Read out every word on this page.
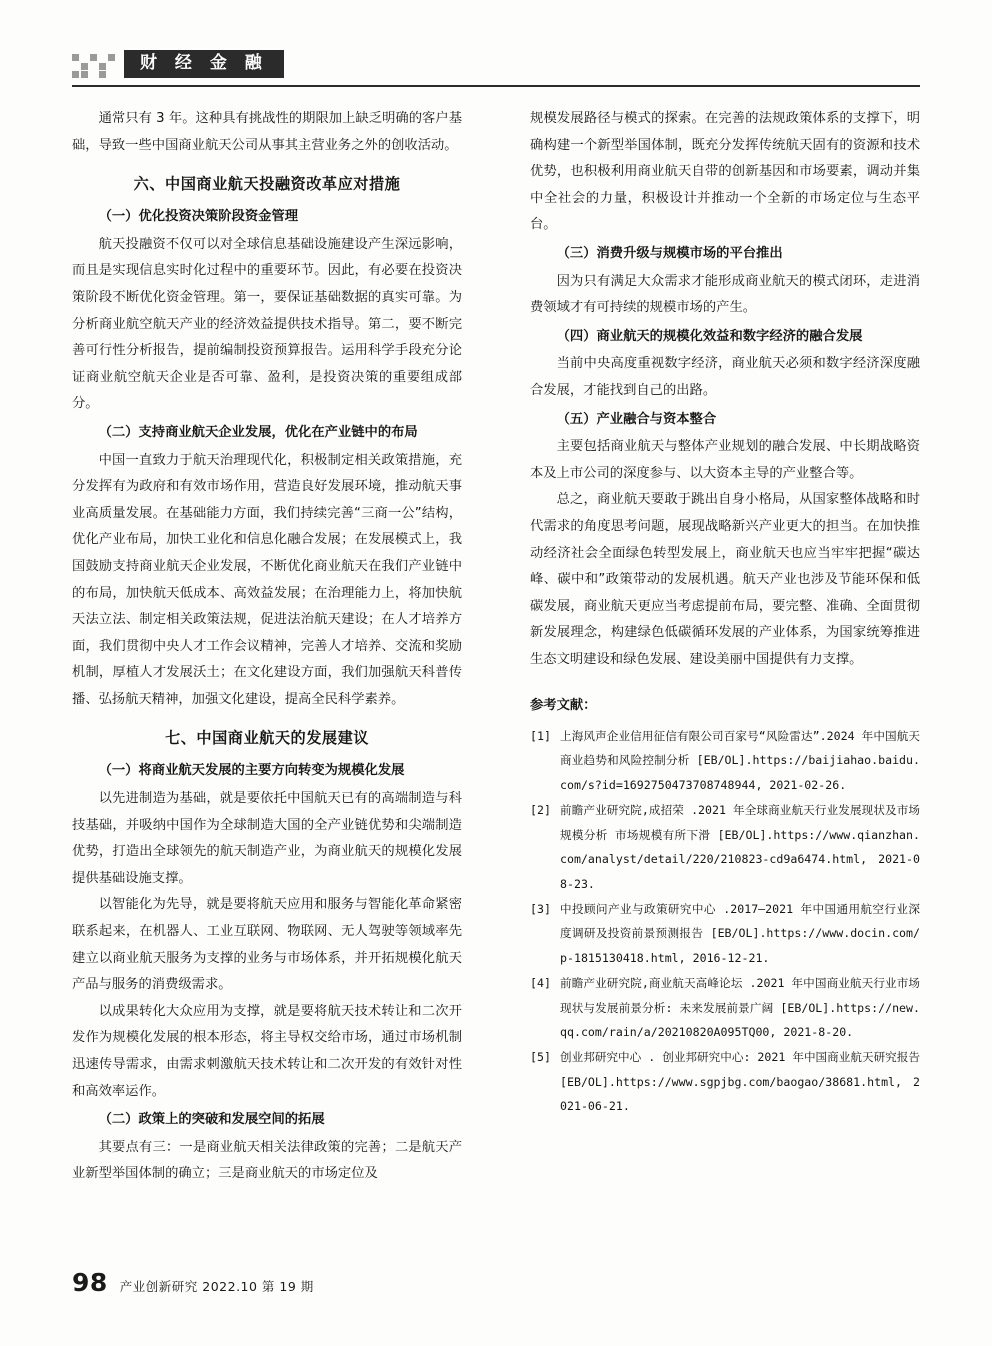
财 经 金 融

通常只有 3 年。这种具有挑战性的期限加上缺乏明确的客户基础，导致一些中国商业航天公司从事其主营业务之外的创收活动。

六、中国商业航天投融资改革应对措施

（一）优化投资决策阶段资金管理

航天投融资不仅可以对全球信息基础设施建设产生深远影响，而且是实现信息实时化过程中的重要环节。因此，有必要在投资决策阶段不断优化资金管理。第一，要保证基础数据的真实可靠。为分析商业航空航天产业的经济效益提供技术指导。第二，要不断完善可行性分析报告，提前编制投资预算报告。运用科学手段充分论证商业航空航天企业是否可靠、盈利，是投资决策的重要组成部分。

（二）支持商业航天企业发展，优化在产业链中的布局

中国一直致力于航天治理现代化，积极制定相关政策措施，充分发挥有为政府和有效市场作用，营造良好发展环境，推动航天事业高质量发展。在基础能力方面，我们持续完善“三商一公”结构，优化产业布局，加快工业化和信息化融合发展；在发展模式上，我国鼓励支持商业航天企业发展，不断优化商业航天在我们产业链中的布局，加快航天低成本、高效益发展；在治理能力上，将加快航天法立法、制定相关政策法规，促进法治航天建设；在人才培养方面，我们贯彻中央人才工作会议精神，完善人才培养、交流和奖励机制，厚植人才发展沃土；在文化建设方面，我们加强航天科普传播、弘扬航天精神，加强文化建设，提高全民科学素养。

七、中国商业航天的发展建议

（一）将商业航天发展的主要方向转变为规模化发展

以先进制造为基础，就是要依托中国航天已有的高端制造与科技基础，并吸纳中国作为全球制造大国的全产业链优势和尖端制造优势，打造出全球领先的航天制造产业，为商业航天的规模化发展提供基础设施支撑。

以智能化为先导，就是要将航天应用和服务与智能化革命紧密联系起来，在机器人、工业互联网、物联网、无人驾驶等领域率先建立以商业航天服务为支撑的业务与市场体系，并开拓规模化航天产品与服务的消费级需求。

以成果转化大众应用为支撑，就是要将航天技术转让和二次开发作为规模化发展的根本形态，将主导权交给市场，通过市场机制迅速传导需求，由需求刺激航天技术转让和二次开发的有效针对性和高效率运作。

（二）政策上的突破和发展空间的拓展

其要点有三：一是商业航天相关法律政策的完善；二是航天产业新型举国体制的确立；三是商业航天的市场定位及

规模发展路径与模式的探索。在完善的法规政策体系的支撑下，明确构建一个新型举国体制，既充分发挥传统航天固有的资源和技术优势，也积极利用商业航天自带的创新基因和市场要素，调动并集中全社会的力量，积极设计并推动一个全新的市场定位与生态平台。

（三）消费升级与规模市场的平台推出

因为只有满足大众需求才能形成商业航天的模式闭环，走进消费领域才有可持续的规模市场的产生。

（四）商业航天的规模化效益和数字经济的融合发展

当前中央高度重视数字经济，商业航天必须和数字经济深度融合发展，才能找到自己的出路。

（五）产业融合与资本整合

主要包括商业航天与整体产业规划的融合发展、中长期战略资本及上市公司的深度参与、以大资本主导的产业整合等。

总之，商业航天要敢于跳出自身小格局，从国家整体战略和时代需求的角度思考问题，展现战略新兴产业更大的担当。在加快推动经济社会全面绿色转型发展上，商业航天也应当牢牢把握“碳达峰、碳中和”政策带动的发展机遇。航天产业也涉及节能环保和低碳发展，商业航天更应当考虑提前布局，要完整、准确、全面贯彻新发展理念，构建绿色低碳循环发展的产业体系，为国家统筹推进生态文明建设和绿色发展、建设美丽中国提供有力支撑。

参考文献：

[1] 上海风声企业信用征信有限公司百家号“风险雷达”.2024 年中国航天商业趋势和风险控制分析 [EB/OL].https://baijiahao.baidu.com/s?id=1692750473708748944, 2021-02-26.
[2] 前瞻产业研究院,成招荣 .2021 年全球商业航天行业发展现状及市场规模分析 市场规模有所下滑 [EB/OL].https://www.qianzhan.com/analyst/detail/220/210823-cd9a6474.html, 2021-08-23.
[3] 中投顾问产业与政策研究中心 .2017—2021 年中国通用航空行业深度调研及投资前景预测报告 [EB/OL].https://www.docin.com/p-1815130418.html, 2016-12-21.
[4] 前瞻产业研究院,商业航天高峰论坛 .2021 年中国商业航天行业市场现状与发展前景分析: 未来发展前景广阔 [EB/OL].https://new.qq.com/rain/a/20210820A095TQ00, 2021-8-20.
[5] 创业邦研究中心 . 创业邦研究中心: 2021 年中国商业航天研究报告 [EB/OL].https://www.sgpjbg.com/baogao/38681.html, 2021-06-21.
98 产业创新研究 2022.10 第 19 期
